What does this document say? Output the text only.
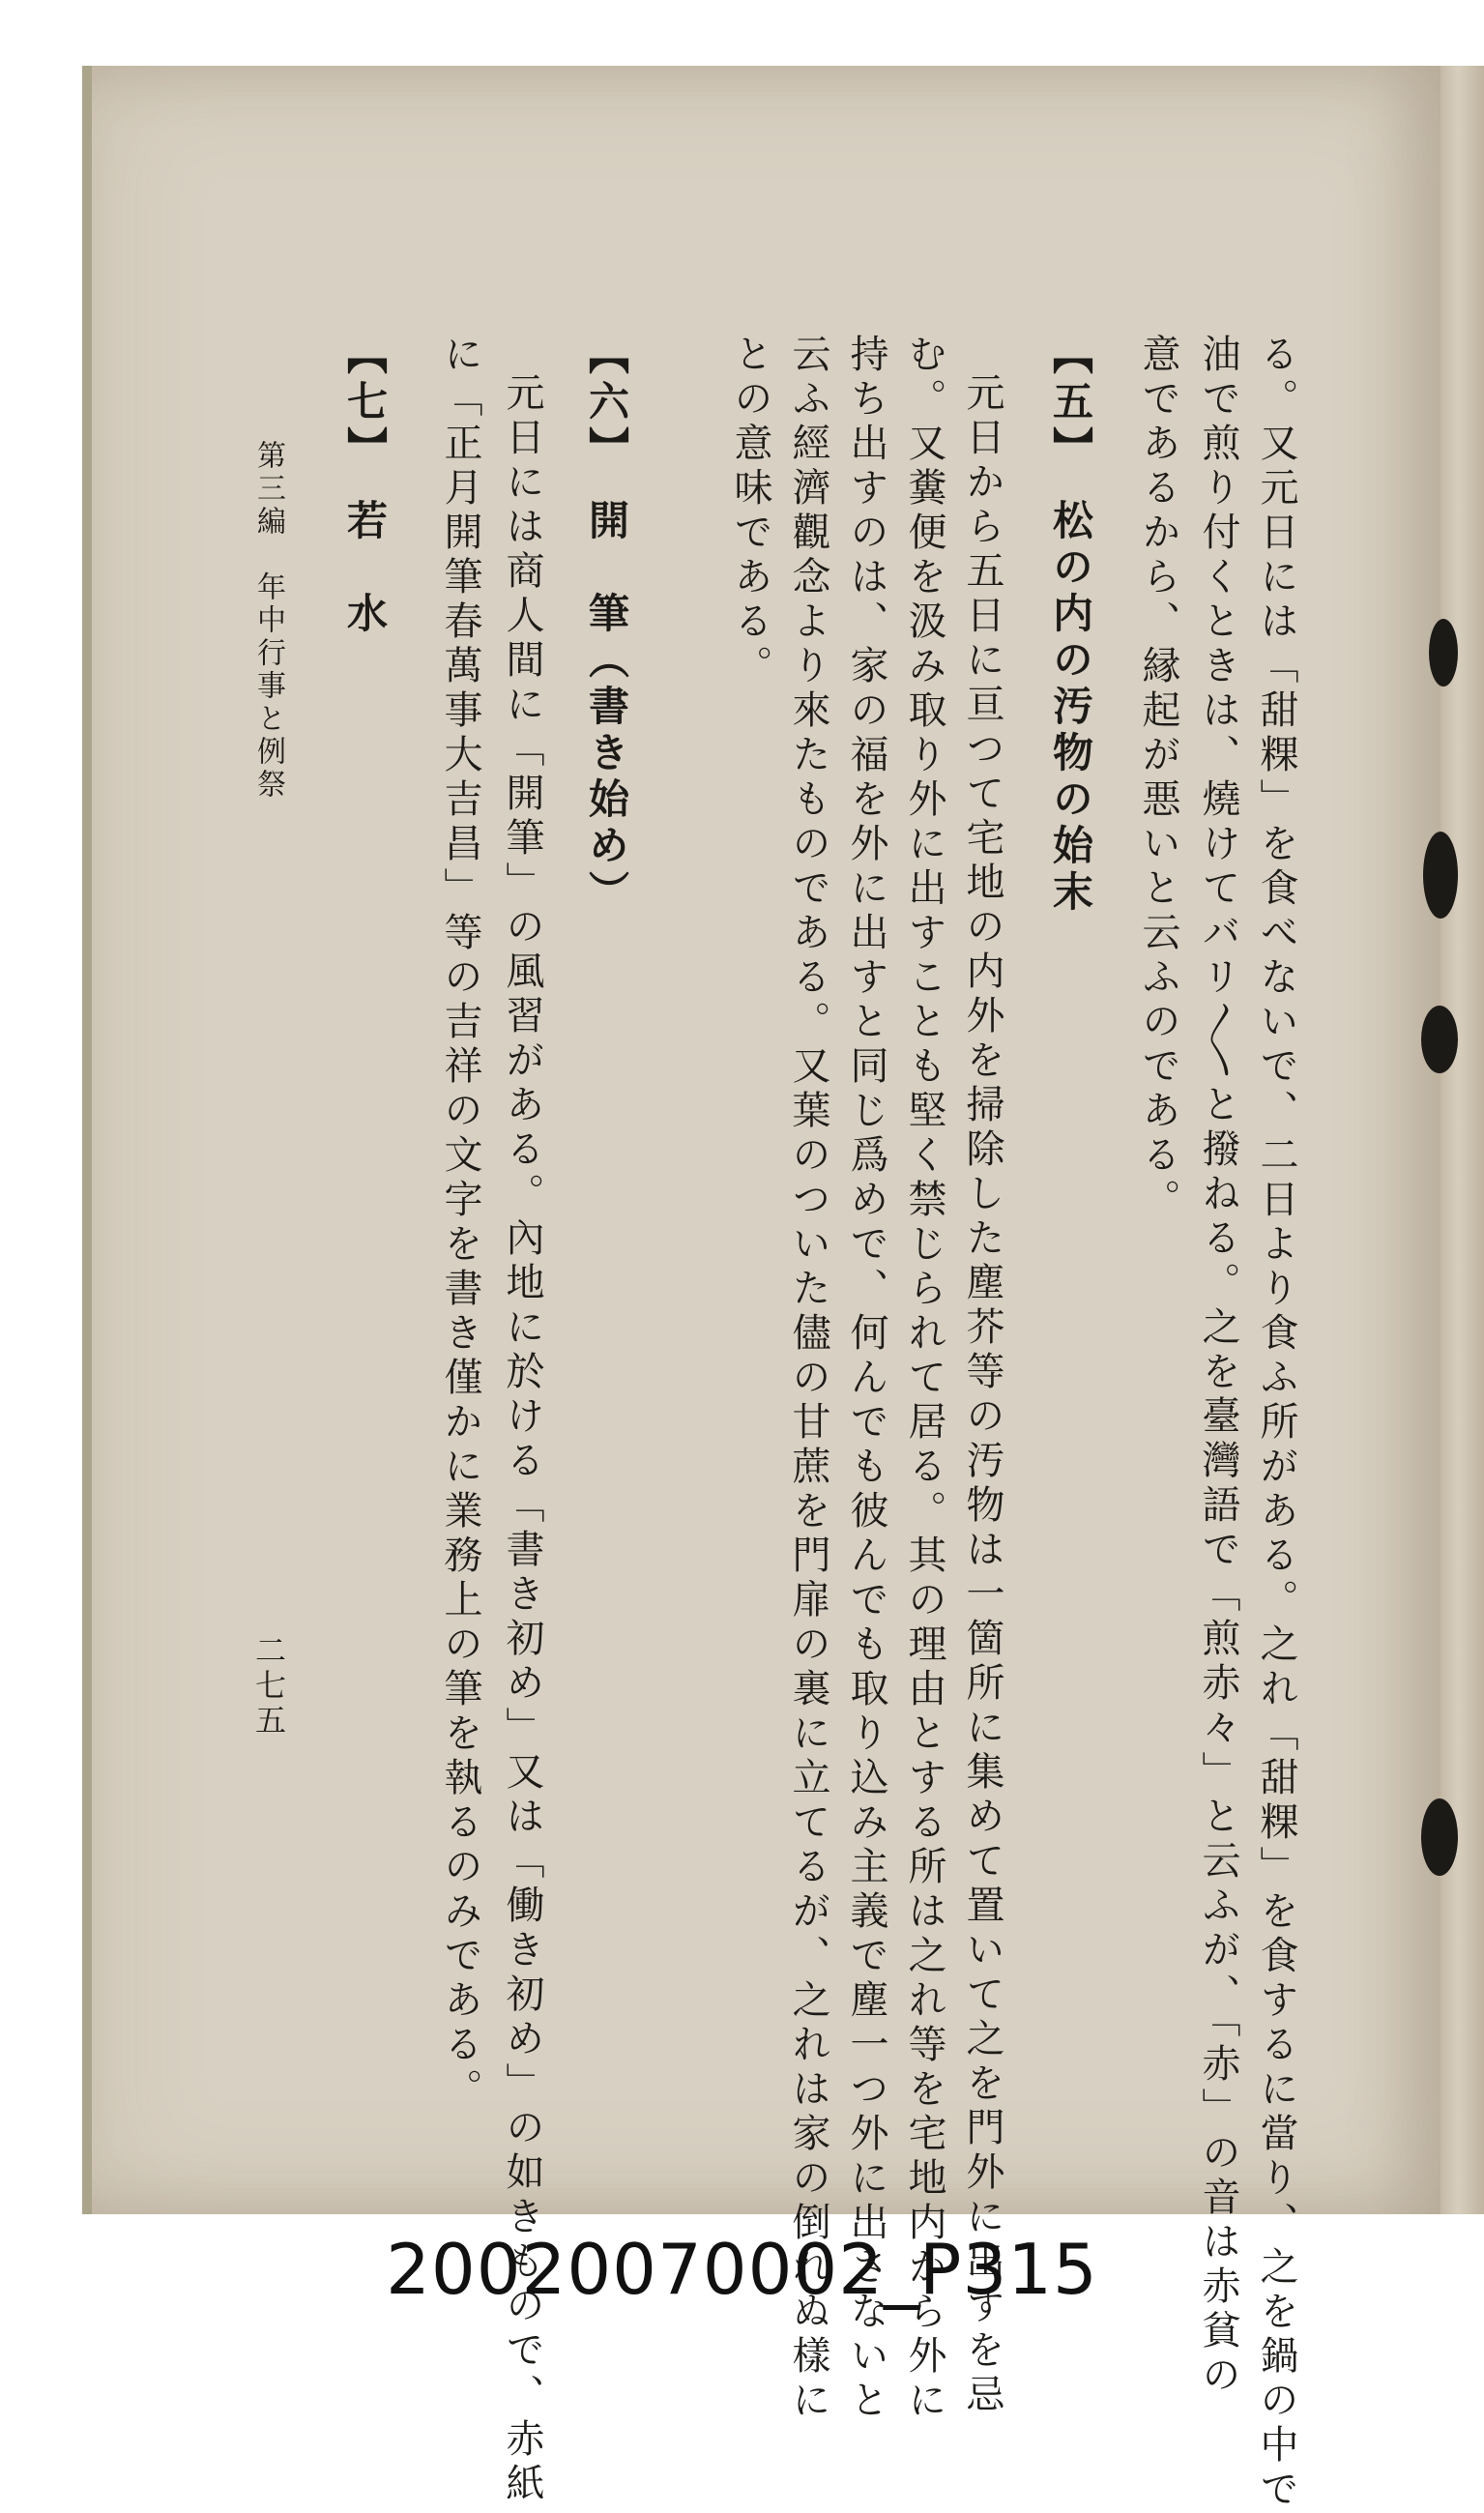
る。又元日には「甜粿」を食べないで、二日より食ふ所がある。之れ「甜粿」を食するに當り、之を鍋の中で
油で煎り付くときは、燒けてバリ〳〵と撥ねる。之を臺灣語で「煎赤々」と云ふが、「赤」の音は赤貧の
意であるから、縁起が悪いと云ふのである。
【五】　松の内の汚物の始末
元日から五日に亘つて宅地の内外を掃除した塵芥等の汚物は一箇所に集めて置いて之を門外に出すを忌
む。又糞便を汲み取り外に出すことも堅く禁じられて居る。其の理由とする所は之れ等を宅地内から外に
持ち出すのは、家の福を外に出すと同じ爲めで、何んでも彼んでも取り込み主義で塵一つ外に出さないと
云ふ經濟觀念より來たものである。又葉のついた儘の甘蔗を門扉の裏に立てるが、之れは家の倒れぬ樣に
との意味である。
【六】　開　筆（書き始め）
元日には商人間に「開筆」の風習がある。內地に於ける「書き初め」又は「働き初め」の如きもので、赤紙
に「正月開筆春萬事大吉昌」等の吉祥の文字を書き僅かに業務上の筆を執るのみである。
【七】　若　水
第三編　年中行事と例祭
二七五
20020070002_P315
